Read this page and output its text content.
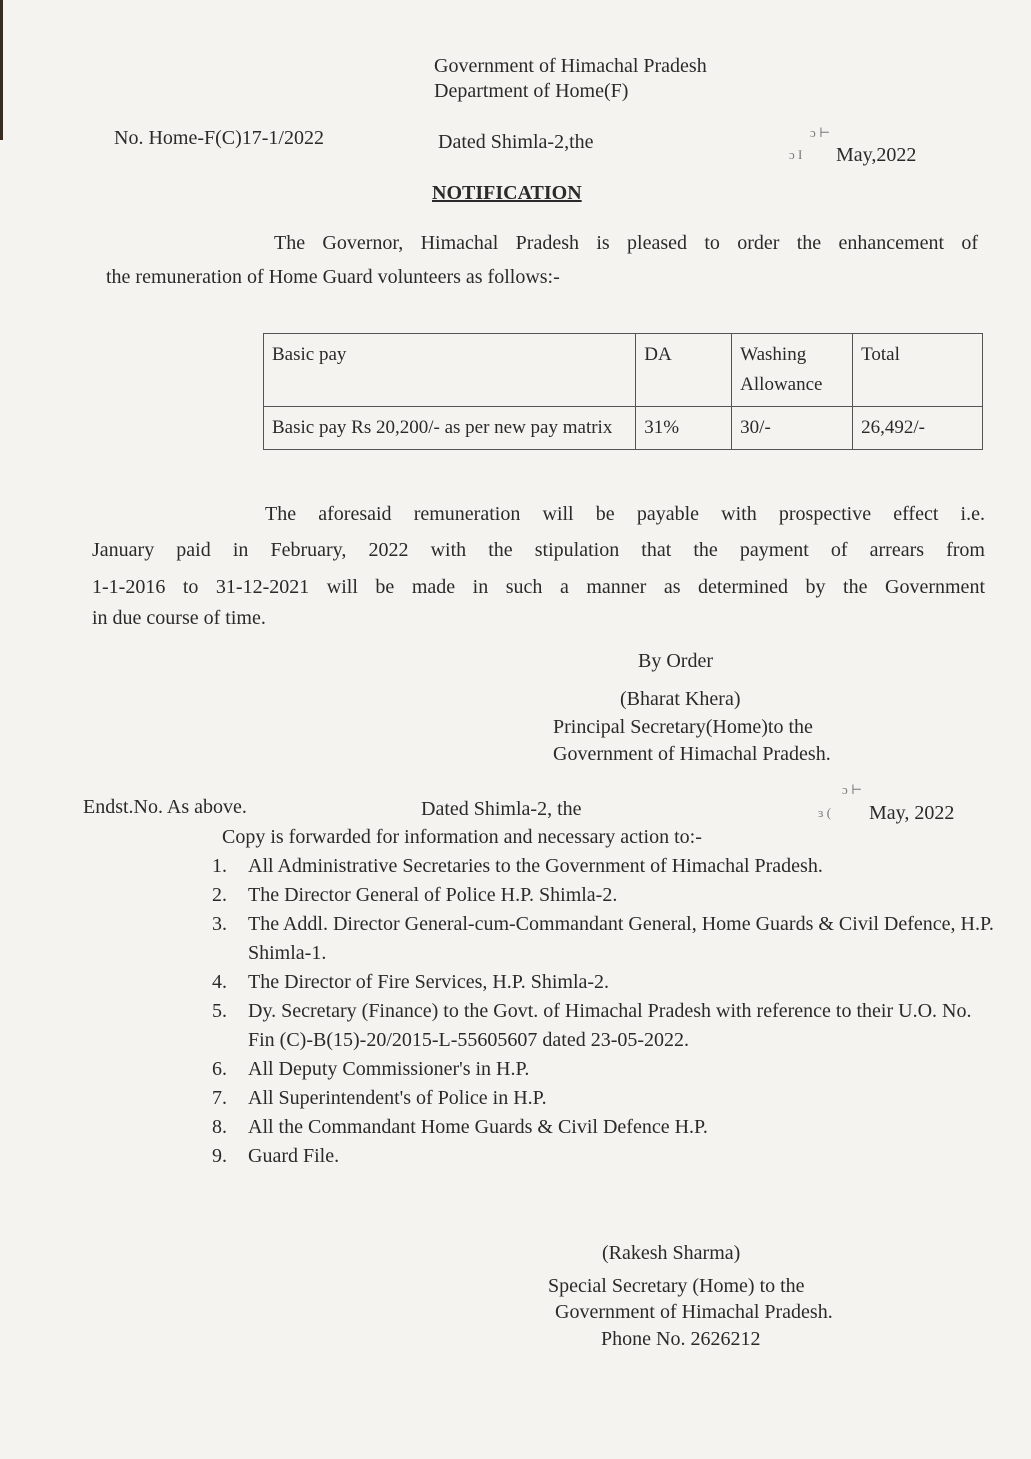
Government of Himachal Pradesh
Department of Home(F)
No. Home-F(C)17-1/2022	Dated Shimla-2,the	ɔ ⊢
ɔ I May,2022
NOTIFICATION
The Governor, Himachal Pradesh is pleased to order the enhancement of
the remuneration of Home Guard volunteers as follows:-
Basic pay	DA	Washing Allowance	Total
Basic pay Rs 20,200/- as per new pay matrix	31%	30/-	26,492/-
The aforesaid remuneration will be payable with prospective effect i.e.
January paid in February, 2022 with the stipulation that the payment of arrears from
1-1-2016 to 31-12-2021 will be made in such a manner as determined by the Government
in due course of time.
By Order
(Bharat Khera)
Principal Secretary(Home)to the
Government of Himachal Pradesh.
Endst.No. As above.	Dated Shimla-2, the
ɔ ⊢
ɜ ( May, 2022
Copy is forwarded for information and necessary action to:-
1. All Administrative Secretaries to the Government of Himachal Pradesh.
2. The Director General of Police H.P. Shimla-2.
3. The Addl. Director General-cum-Commandant General, Home Guards & Civil Defence, H.P. Shimla-1.
4. The Director of Fire Services, H.P. Shimla-2.
5. Dy. Secretary (Finance) to the Govt. of Himachal Pradesh with reference to their U.O. No. Fin (C)-B(15)-20/2015-L-55605607 dated 23-05-2022.
6. All Deputy Commissioner's in H.P.
7. All Superintendent's of Police in H.P.
8. All the Commandant Home Guards & Civil Defence H.P.
9. Guard File.
(Rakesh Sharma)
Special Secretary (Home) to the
Government of Himachal Pradesh.
Phone No. 2626212
